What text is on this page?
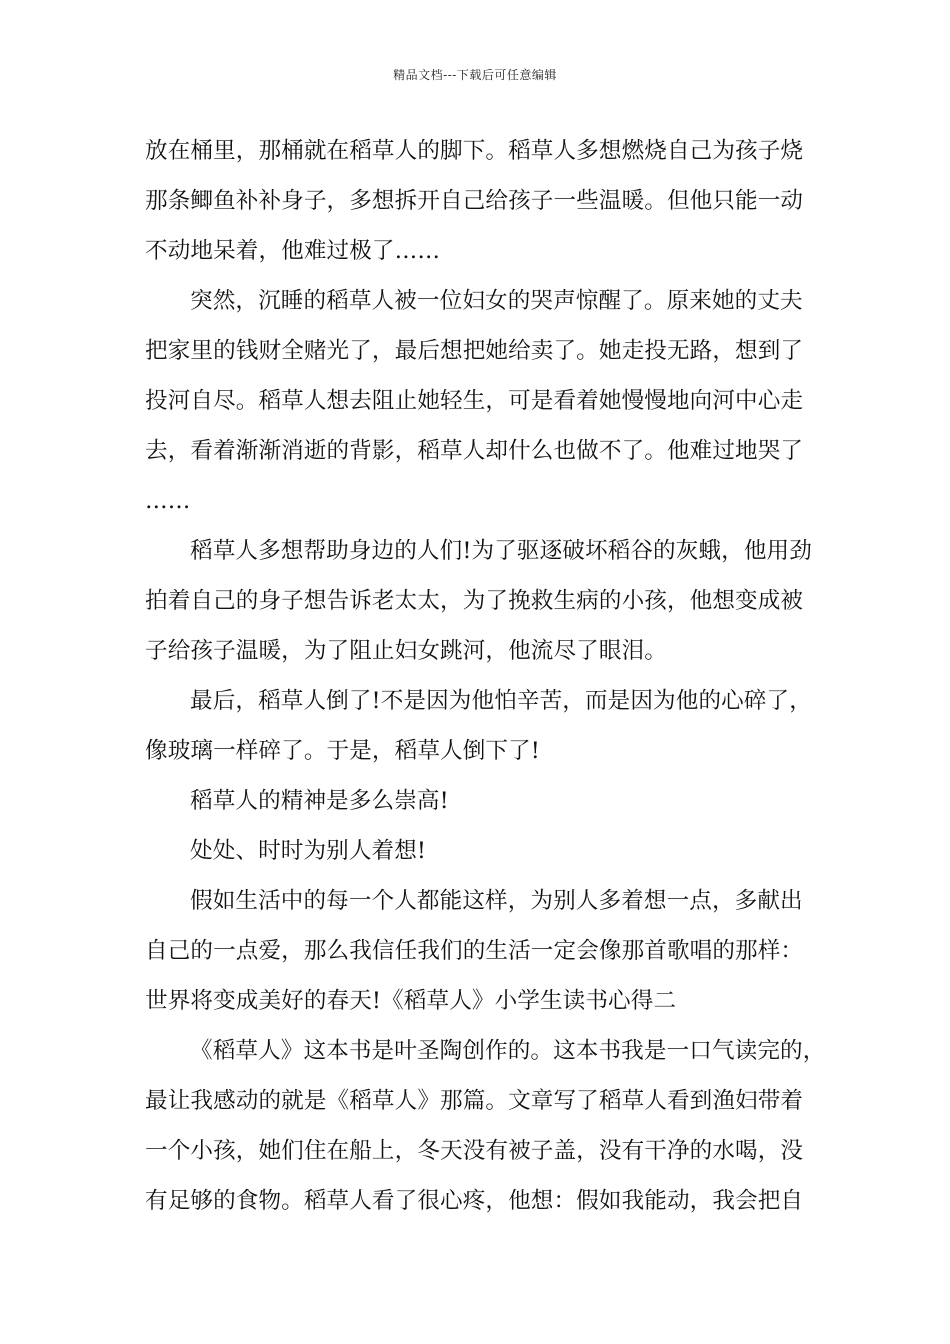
精品文档---下载后可任意编辑
放在桶里，那桶就在稻草人的脚下。稻草人多想燃烧自己为孩子烧
那条鲫鱼补补身子，多想拆开自己给孩子一些温暖。但他只能一动
不动地呆着，他难过极了……
突然，沉睡的稻草人被一位妇女的哭声惊醒了。原来她的丈夫
把家里的钱财全赌光了，最后想把她给卖了。她走投无路，想到了
投河自尽。稻草人想去阻止她轻生，可是看着她慢慢地向河中心走
去，看着渐渐消逝的背影，稻草人却什么也做不了。他难过地哭了
……
稻草人多想帮助身边的人们!为了驱逐破坏稻谷的灰蛾，他用劲
拍着自己的身子想告诉老太太，为了挽救生病的小孩，他想变成被
子给孩子温暖，为了阻止妇女跳河，他流尽了眼泪。
最后，稻草人倒了!不是因为他怕辛苦，而是因为他的心碎了，
像玻璃一样碎了。于是，稻草人倒下了!
稻草人的精神是多么崇高!
处处、时时为别人着想!
假如生活中的每一个人都能这样，为别人多着想一点，多献出
自己的一点爱，那么我信任我们的生活一定会像那首歌唱的那样：
世界将变成美好的春天!《稻草人》小学生读书心得二
《稻草人》这本书是叶圣陶创作的。这本书我是一口气读完的，
最让我感动的就是《稻草人》那篇。文章写了稻草人看到渔妇带着
一个小孩，她们住在船上，冬天没有被子盖，没有干净的水喝，没
有足够的食物。稻草人看了很心疼，他想：假如我能动，我会把自
